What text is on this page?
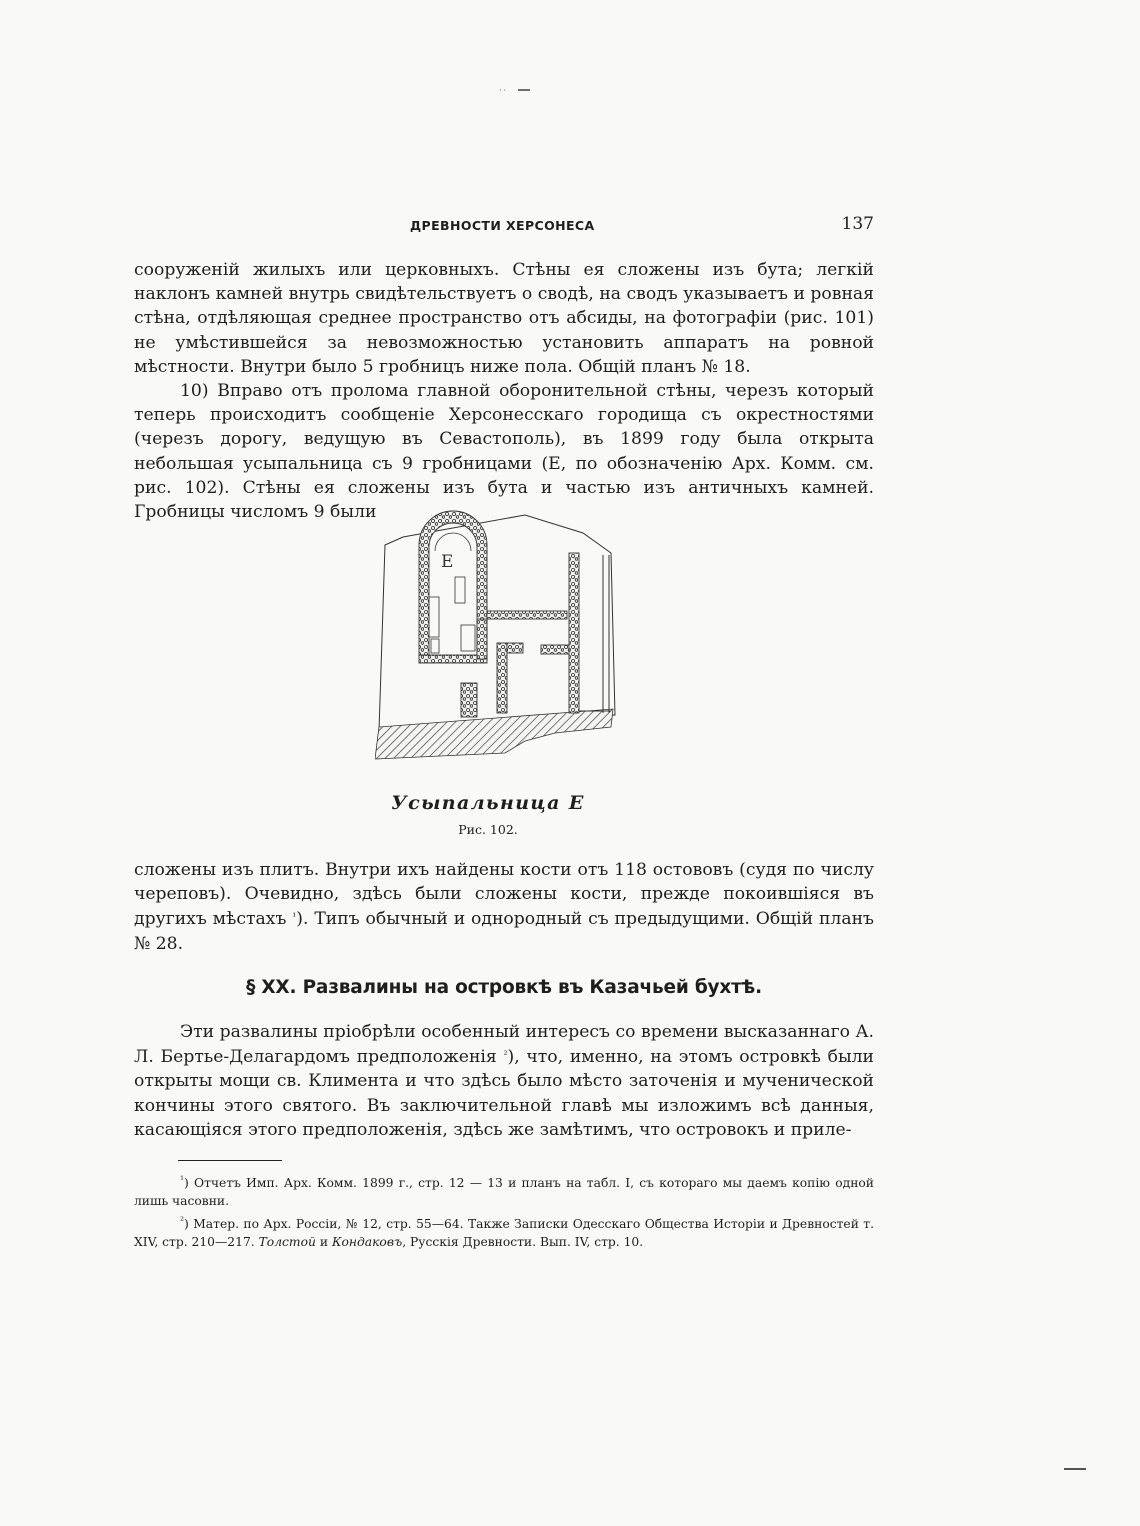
ДРЕВНОСТИ ХЕРСОНЕСА	137

сооруженій жилыхъ или церковныхъ. Стѣны ея сложены изъ бута; легкій наклонъ камней внутрь свидѣтельствуетъ о сводѣ, на сводъ указываетъ и ровная стѣна, отдѣляющая среднее пространство отъ абсиды, на фотографіи (рис. 101) не умѣстившейся за невозможностью установить аппаратъ на ровной мѣстности. Внутри было 5 гробницъ ниже пола. Общій планъ № 18.

10) Вправо отъ пролома главной оборонительной стѣны, черезъ который теперь происходитъ сообщеніе Херсонесскаго городища съ окрестностями (черезъ дорогу, ведущую въ Севастополь), въ 1899 году была открыта небольшая усыпальница съ 9 гробницами (Е, по обозначенію Арх. Комм. см. рис. 102). Стѣны ея сложены изъ бута и частью изъ античныхъ камней. Гробницы числомъ 9 были

Е
Усыпальница Е
Рис. 102.

сложены изъ плитъ. Внутри ихъ найдены кости отъ 118 остововъ (судя по числу череповъ). Очевидно, здѣсь были сложены кости, прежде покоившіяся въ другихъ мѣстахъ $^{^1}$). Типъ обычный и однородный съ предыдущими. Общій планъ № 28.

§ XX. Развалины на островкѣ въ Казачьей бухтѣ.

Эти развалины пріобрѣли особенный интересъ со времени высказаннаго А. Л. Бертье-Делагардомъ предположенія $^{^2}$), что, именно, на этомъ островкѣ были открыты мощи св. Климента и что здѣсь было мѣсто заточенія и мученической кончины этого святого. Въ заключительной главѣ мы изложимъ всѣ данныя, касающіяся этого предположенія, здѣсь же замѣтимъ, что островокъ и приле-

$^{^1}$) Отчетъ Имп. Арх. Комм. 1899 г., стр. 12 — 13 и планъ на табл. I, съ котораго мы даемъ копію одной лишь часовни.

$^{^2}$) Матер. по Арх. Россіи, № 12, стр. 55—64. Также Записки Одесскаго Общества Исторіи и Древностей т. XIV, стр. 210—217. Толстой и Кондаковъ, Русскія Древности. Вып. IV, стр. 10.
